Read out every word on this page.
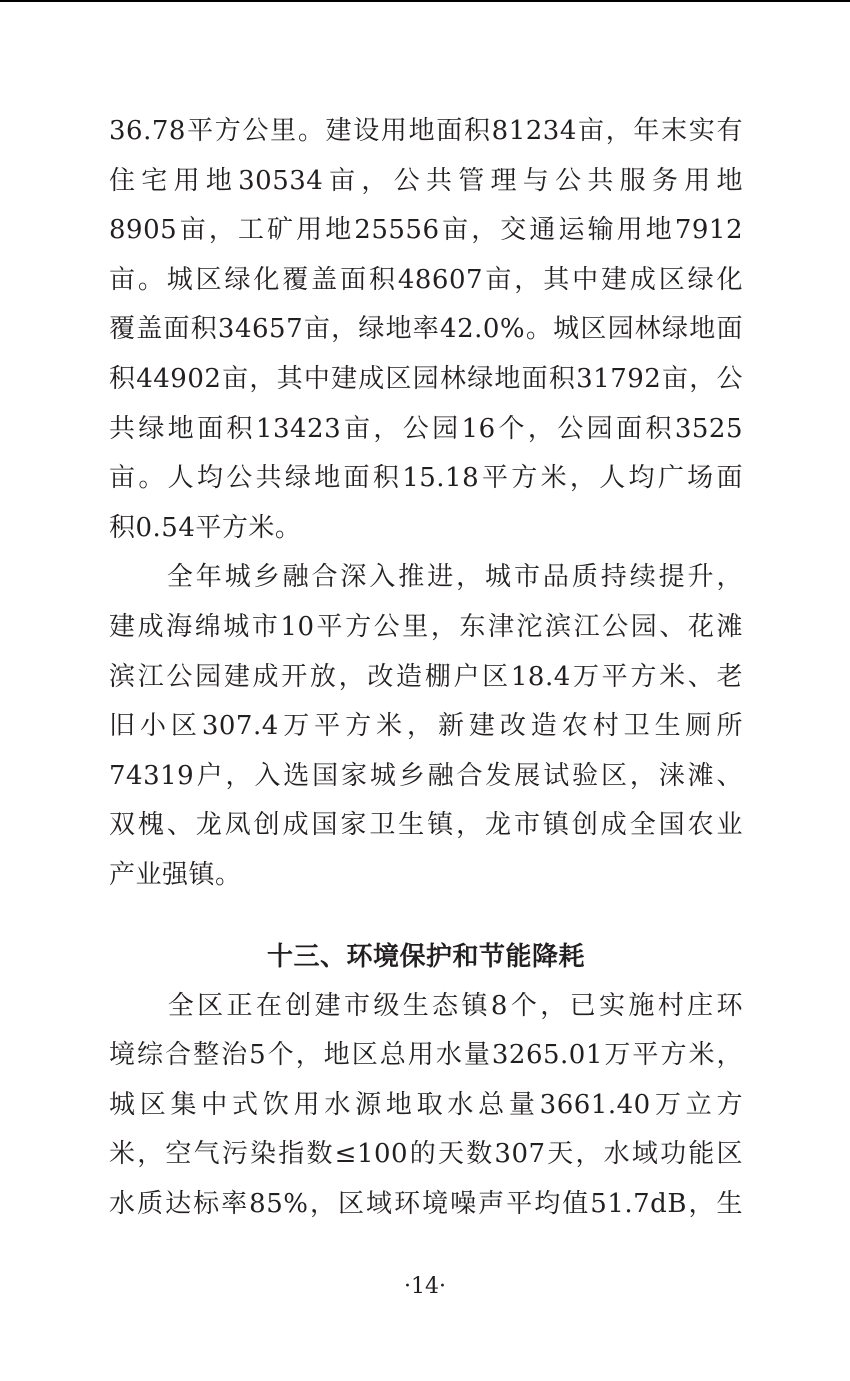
36.78平方公里。建设用地面积81234亩，年末实有
住宅用地30534亩，公共管理与公共服务用地
8905亩，工矿用地25556亩，交通运输用地7912
亩。城区绿化覆盖面积48607亩，其中建成区绿化
覆盖面积34657亩，绿地率42.0%。城区园林绿地面
积44902亩，其中建成区园林绿地面积31792亩，公
共绿地面积13423亩，公园16个，公园面积3525
亩。人均公共绿地面积15.18平方米，人均广场面
积0.54平方米。
　　全年城乡融合深入推进，城市品质持续提升，
建成海绵城市10平方公里，东津沱滨江公园、花滩
滨江公园建成开放，改造棚户区18.4万平方米、老
旧小区307.4万平方米，新建改造农村卫生厕所
74319户，入选国家城乡融合发展试验区，涞滩、
双槐、龙凤创成国家卫生镇，龙市镇创成全国农业
产业强镇。
十三、环境保护和节能降耗
　　全区正在创建市级生态镇8个，已实施村庄环
境综合整治5个，地区总用水量3265.01万平方米，
城区集中式饮用水源地取水总量3661.40万立方
米，空气污染指数≤100的天数307天，水域功能区
水质达标率85%，区域环境噪声平均值51.7dB，生
·14·
